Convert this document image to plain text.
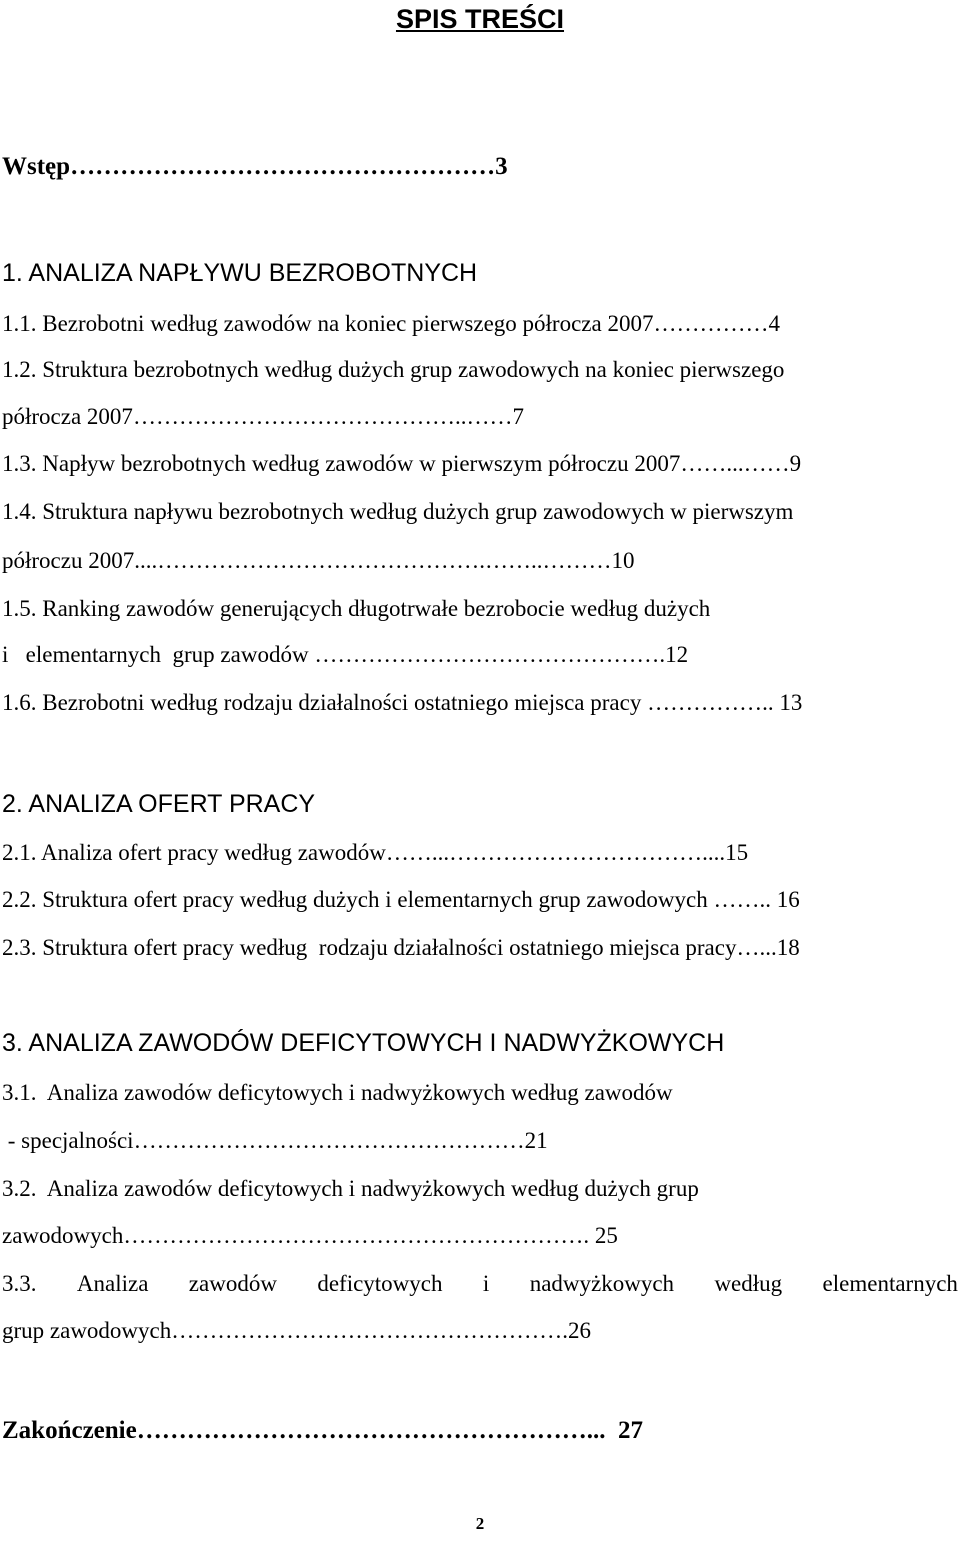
SPIS TREŚCI
Wstęp……………………………………………3
1. ANALIZA NAPŁYWU BEZROBOTNYCH
1.1. Bezrobotni według zawodów na koniec pierwszego półrocza 2007……………4
1.2. Struktura bezrobotnych według dużych grup zawodowych na koniec pierwszego
półrocza 2007……………………………………..……7
1.3. Napływ bezrobotnych według zawodów w pierwszym półroczu 2007……...……9
1.4. Struktura napływu bezrobotnych według dużych grup zawodowych w pierwszym
półroczu 2007....…………………………………….……..………10
1.5. Ranking zawodów generujących długotrwałe bezrobocie według dużych
i   elementarnych  grup zawodów ……………………………………….12
1.6. Bezrobotni według rodzaju działalności ostatniego miejsca pracy …………….. 13
2. ANALIZA OFERT PRACY
2.1. Analiza ofert pracy według zawodów……...……………………………....15
2.2. Struktura ofert pracy według dużych i elementarnych grup zawodowych …….. 16
2.3. Struktura ofert pracy według  rodzaju działalności ostatniego miejsca pracy…...18
3. ANALIZA ZAWODÓW DEFICYTOWYCH I NADWYŻKOWYCH
3.1.  Analiza zawodów deficytowych i nadwyżkowych według zawodów
- specjalności……………………………………………21
3.2.  Analiza zawodów deficytowych i nadwyżkowych według dużych grup
zawodowych……………………………………………………. 25
3.3. Analiza zawodów deficytowych i nadwyżkowych według elementarnych
grup zawodowych…………………………………………….26
Zakończenie………………………………………………...  27
2
